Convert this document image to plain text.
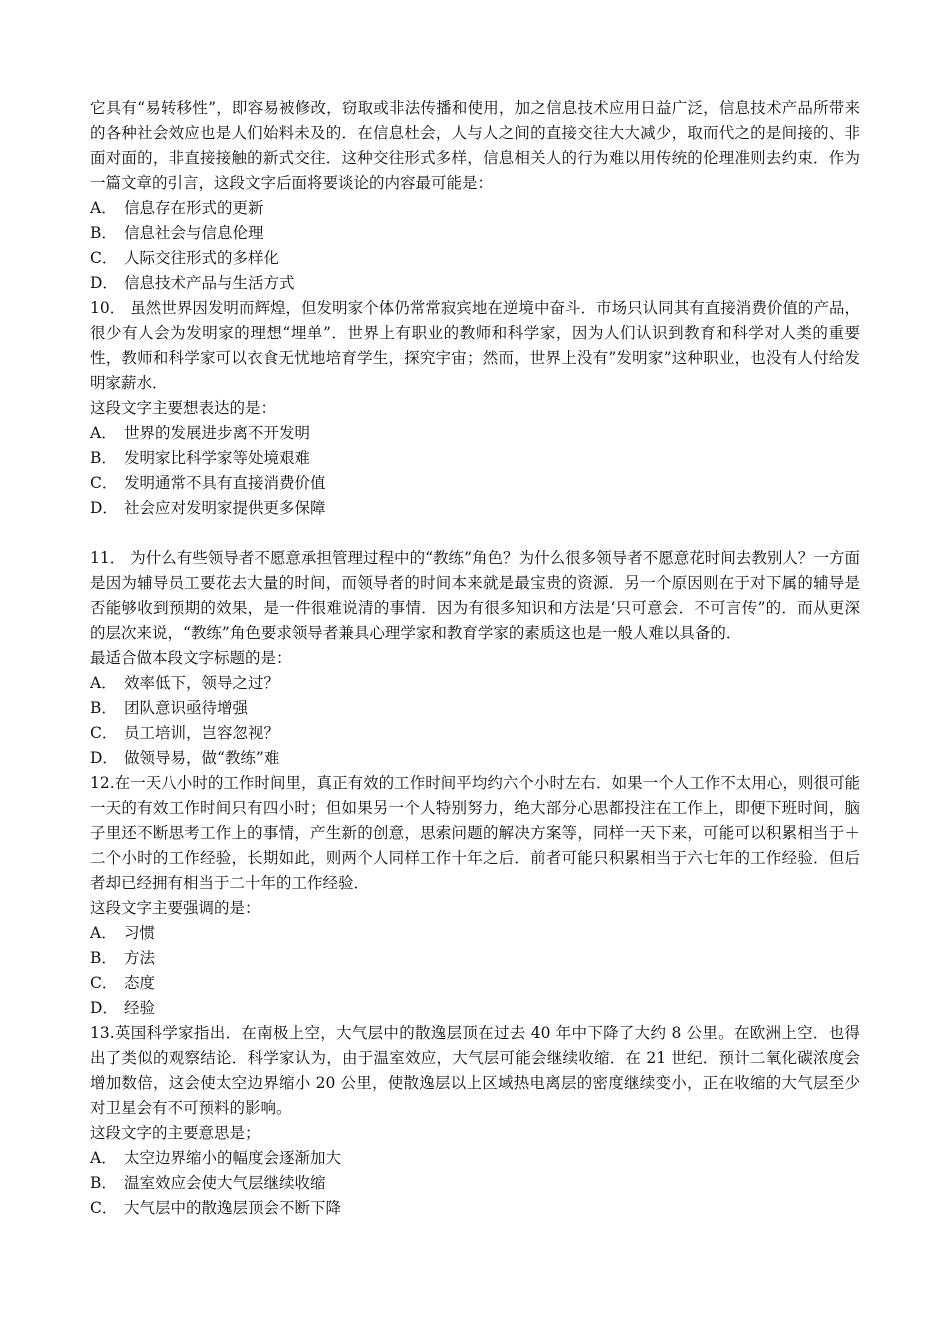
它具有“易转移性”，即容易被修改，窃取或非法传播和使用，加之信息技术应用日益广泛，信息技术产品所带来的各种社会效应也是人们始料未及的．在信息杜会，人与人之间的直接交往大大减少，取而代之的是间接的、非面对面的，非直接接触的新式交往．这种交往形式多样，信息相关人的行为难以用传统的伦理准则去约束．作为一篇文章的引言，这段文字后面将要谈论的内容最可能是：

A． 信息存在形式的更新

B． 信息社会与信息伦理

C． 人际交往形式的多样化

D． 信息技术产品与生活方式

10． 虽然世界因发明而辉煌，但发明家个体仍常常寂宾地在逆境中奋斗．市场只认同其有直接消费价值的产品，很少有人会为发明家的理想“埋单”．世界上有职业的教师和科学家，因为人们认识到教育和科学对人类的重要性，教师和科学家可以衣食无忧地培育学生，探究宇宙；然而，世界上没有”发明家”这种职业，也没有人付给发明家薪水．

这段文字主要想表达的是：

A． 世界的发展进步离不开发明

B． 发明家比科学家等处境艰难

C． 发明通常不具有直接消费价值

D． 社会应对发明家提供更多保障

11． 为什么有些领导者不愿意承担管理过程中的“教练”角色？为什么很多领导者不愿意花时间去教别人？一方面是因为辅导员工要花去大量的时间，而领导者的时间本来就是最宝贵的资源．另一个原因则在于对下属的辅导是否能够收到预期的效果，是一件很难说清的事情．因为有很多知识和方法是‘只可意会．不可言传”的．而从更深的层次来说，“教练”角色要求领导者兼具心理学家和教育学家的素质这也是一般人难以具备的．

最适合做本段文字标题的是：

A． 效率低下，领导之过？

B． 团队意识亟待增强

C． 员工培训，岂容忽视？

D． 做领导易，做“教练”难

12.在一天八小时的工作时间里，真正有效的工作时间平均约六个小时左右．如果一个人工作不太用心，则很可能一天的有效工作时间只有四小时；但如果另一个人特别努力，绝大部分心思都投注在工作上，即便下班时间，脑子里还不断思考工作上的事情，产生新的创意，思索问题的解决方案等，同样一天下来，可能可以积累相当于＋二个小时的工作经验，长期如此，则两个人同样工作十年之后．前者可能只积累相当于六七年的工作经验．但后者却已经拥有相当于二十年的工作经验．

这段文字主要强调的是：

A． 习惯

B． 方法

C． 态度

D． 经验

13.英国科学家指出．在南极上空，大气层中的散逸层顶在过去 40 年中下降了大约 8 公里。在欧洲上空．也得出了类似的观察结论．科学家认为，由于温室效应，大气层可能会继续收缩．在 21 世纪．预计二氧化碳浓度会增加数倍，这会使太空边界缩小 20 公里，使散逸层以上区域热电离层的密度继续变小，正在收缩的大气层至少对卫星会有不可预料的影响。

这段文字的主要意思是；

A． 太空边界缩小的幅度会逐渐加大

B． 温室效应会使大气层继续收缩

C． 大气层中的散逸层顶会不断下降
